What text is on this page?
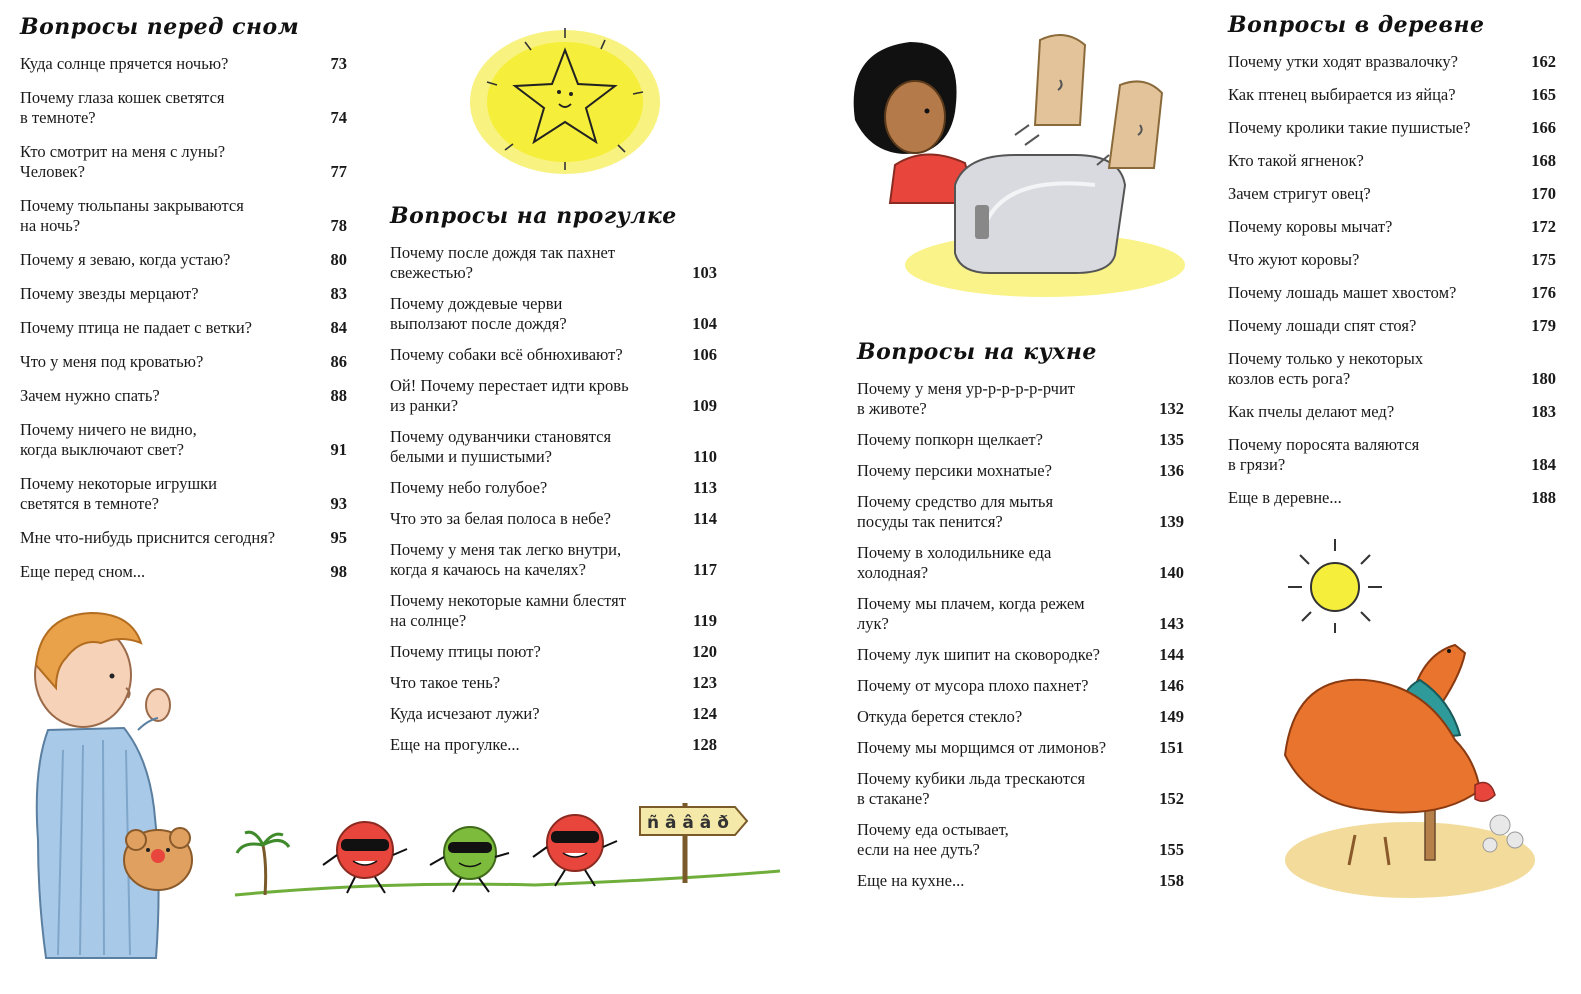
ñ â â â ð
Вопросы перед сном
Куда солнце прячется ночью?	73
Почему глаза кошек светятся
в темноте?	74
Кто смотрит на меня с луны?
Человек?	77
Почему тюльпаны закрываются
на ночь?	78
Почему я зеваю, когда устаю?	80
Почему звезды мерцают?	83
Почему птица не падает с ветки?	84
Что у меня под кроватью?	86
Зачем нужно спать?	88
Почему ничего не видно,
когда выключают свет?	91
Почему некоторые игрушки
светятся в темноте?	93
Мне что-нибудь приснится сегодня?	95
Еще перед сном...	98
Вопросы на прогулке
Почему после дождя так пахнет
свежестью?	103
Почему дождевые черви
выползают после дождя?	104
Почему собаки всё обнюхивают?	106
Ой! Почему перестает идти кровь
из ранки?	109
Почему одуванчики становятся
белыми и пушистыми?	110
Почему небо голубое?	113
Что это за белая полоса в небе?	114
Почему у меня так легко внутри,
когда я качаюсь на качелях?	117
Почему некоторые камни блестят
на солнце?	119
Почему птицы поют?	120
Что такое тень?	123
Куда исчезают лужи?	124
Еще на прогулке...	128
Вопросы на кухне
Почему у меня ур-р-р-р-р-рчит
в животе?	132
Почему попкорн щелкает?	135
Почему персики мохнатые?	136
Почему средство для мытья
посуды так пенится?	139
Почему в холодильнике еда
холодная?	140
Почему мы плачем, когда режем
лук?	143
Почему лук шипит на сковородке?	144
Почему от мусора плохо пахнет?	146
Откуда берется стекло?	149
Почему мы морщимся от лимонов?	151
Почему кубики льда трескаются
в стакане?	152
Почему еда остывает,
если на нее дуть?	155
Еще на кухне...	158
Вопросы в деревне
Почему утки ходят вразвалочку?	162
Как птенец выбирается из яйца?	165
Почему кролики такие пушистые?	166
Кто такой ягненок?	168
Зачем стригут овец?	170
Почему коровы мычат?	172
Что жуют коровы?	175
Почему лошадь машет хвостом?	176
Почему лошади спят стоя?	179
Почему только у некоторых
козлов есть рога?	180
Как пчелы делают мед?	183
Почему поросята валяются
в грязи?	184
Еще в деревне...	188
